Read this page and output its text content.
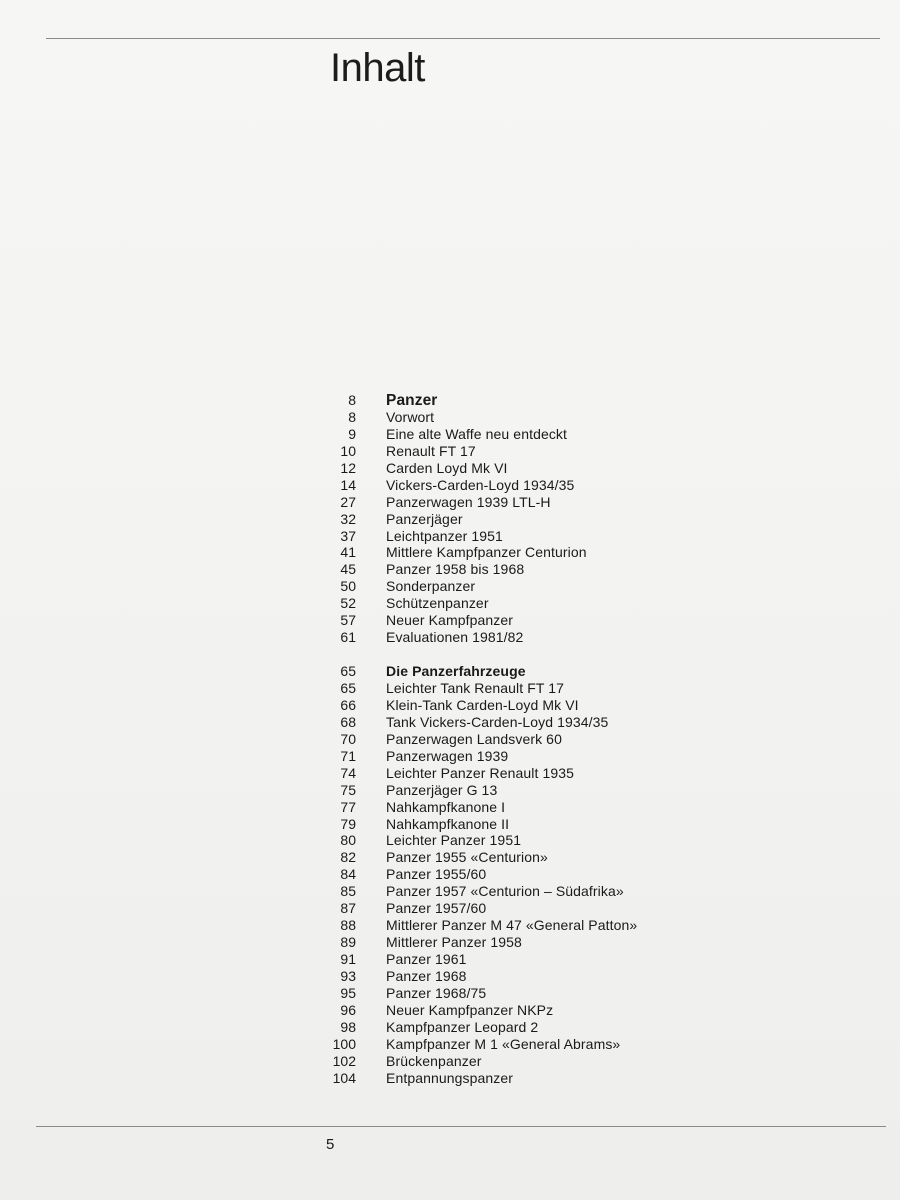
Inhalt
8 Panzer
8 Vorwort
9 Eine alte Waffe neu entdeckt
10 Renault FT 17
12 Carden Loyd Mk VI
14 Vickers-Carden-Loyd 1934/35
27 Panzerwagen 1939 LTL-H
32 Panzerjäger
37 Leichtpanzer 1951
41 Mittlere Kampfpanzer Centurion
45 Panzer 1958 bis 1968
50 Sonderpanzer
52 Schützenpanzer
57 Neuer Kampfpanzer
61 Evaluationen 1981/82
65 Die Panzerfahrzeuge
65 Leichter Tank Renault FT 17
66 Klein-Tank Carden-Loyd Mk VI
68 Tank Vickers-Carden-Loyd 1934/35
70 Panzerwagen Landsverk 60
71 Panzerwagen 1939
74 Leichter Panzer Renault 1935
75 Panzerjäger G 13
77 Nahkampfkanone I
79 Nahkampfkanone II
80 Leichter Panzer 1951
82 Panzer 1955 «Centurion»
84 Panzer 1955/60
85 Panzer 1957 «Centurion – Südafrika»
87 Panzer 1957/60
88 Mittlerer Panzer M 47 «General Patton»
89 Mittlerer Panzer 1958
91 Panzer 1961
93 Panzer 1968
95 Panzer 1968/75
96 Neuer Kampfpanzer NKPz
98 Kampfpanzer Leopard 2
100 Kampfpanzer M 1 «General Abrams»
102 Brückenpanzer
104 Entpannungspanzer
5
